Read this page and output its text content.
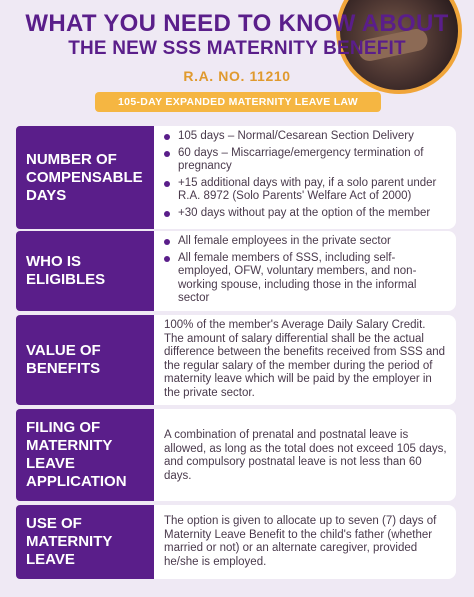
WHAT YOU NEED TO KNOW ABOUT
THE NEW SSS MATERNITY BENEFIT
R.A. NO. 11210
105-DAY EXPANDED MATERNITY LEAVE LAW
NUMBER OF COMPENSABLE DAYS
105 days – Normal/Cesarean Section Delivery
60 days – Miscarriage/emergency termination of pregnancy
+15 additional days with pay, if a solo parent under R.A. 8972 (Solo Parents' Welfare Act of 2000)
+30 days without pay at the option of the member
WHO IS ELIGIBLES
All female employees in the private sector
All female members of SSS, including self-employed, OFW, voluntary members, and non-working spouse, including those in the informal sector
VALUE OF BENEFITS

100% of the member's Average Daily Salary Credit. The amount of salary differential shall be the actual difference between the benefits received from SSS and the regular salary of the member during the period of maternity leave which will be paid by the employer in the private sector.

FILING OF MATERNITY LEAVE APPLICATION

A combination of prenatal and postnatal leave is allowed, as long as the total does not exceed 105 days, and compulsory postnatal leave is not less than 60 days.

USE OF MATERNITY LEAVE

The option is given to allocate up to seven (7) days of Maternity Leave Benefit to the child's father (whether married or not) or an alternate caregiver, provided he/she is employed.
